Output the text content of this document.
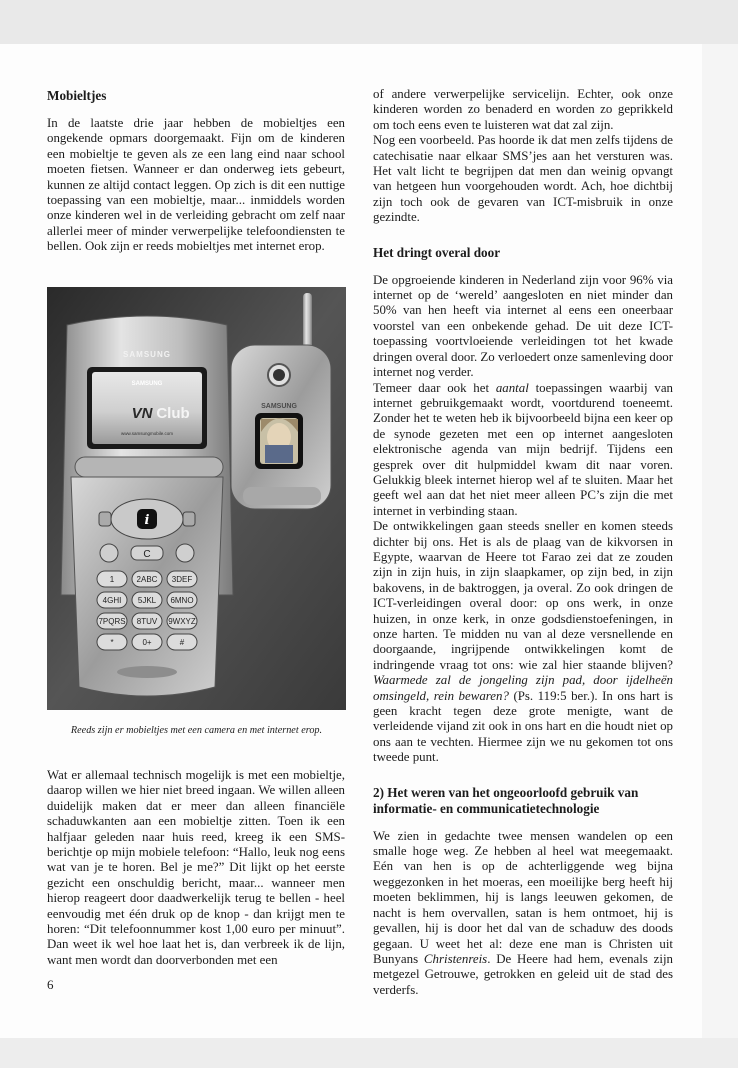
Mobieltjes

In de laatste drie jaar hebben de mobieltjes een ongekende opmars doorgemaakt. Fijn om de kinderen een mobieltje te geven als ze een lang eind naar school moeten fietsen. Wanneer er dan onderweg iets gebeurt, kunnen ze altijd contact leggen. Op zich is dit een nuttige toepassing van een mobieltje, maar... inmiddels worden onze kinderen wel in de verleiding gebracht om zelf naar allerlei meer of minder verwerpelijke telefoondiensten te bellen. Ook zijn er reeds mobieltjes met internet erop.

SAMSUNG
SAMSUNG
SAMSUNG
VN Club
www.samsungmobile.com
i
C
1	2ABC 3DEF
4GHI 5JKL 6MNO
7PQRS 8TUV 9WXYZ
*	0+	#
Reeds zijn er mobieltjes met een camera en met internet erop.

Wat er allemaal technisch mogelijk is met een mobieltje, daarop willen we hier niet breed ingaan. We willen alleen duidelijk maken dat er meer dan alleen financiële schaduwkanten aan een mobieltje zitten. Toen ik een halfjaar geleden naar huis reed, kreeg ik een SMS-berichtje op mijn mobiele telefoon: “Hallo, leuk nog eens wat van je te horen. Bel je me?” Dit lijkt op het eerste gezicht een onschuldig bericht, maar... wanneer men hierop reageert door daadwerkelijk terug te bellen - heel eenvoudig met één druk op de knop - dan krijgt men te horen: “Dit telefoonnummer kost 1,00 euro per minuut”. Dan weet ik wel hoe laat het is, dan verbreek ik de lijn, want men wordt dan doorverbonden met een

6

of andere verwerpelijke servicelijn. Echter, ook onze kinderen worden zo benaderd en worden zo geprikkeld om toch eens even te luisteren wat dat zal zijn.

Nog een voorbeeld. Pas hoorde ik dat men zelfs tijdens de catechisatie naar elkaar SMS’jes aan het versturen was. Het valt licht te begrijpen dat men dan weinig opvangt van hetgeen hun voorgehouden wordt. Ach, hoe dichtbij zijn toch ook de gevaren van ICT-misbruik in onze gezindte.

Het dringt overal door

De opgroeiende kinderen in Nederland zijn voor 96% via internet op de ‘wereld’ aangesloten en niet minder dan 50% van hen heeft via internet al eens een oneerbaar voorstel van een onbekende gehad. De uit deze ICT-toepassing voortvloeiende verleidingen tot het kwade dringen overal door. Zo verloedert onze samenleving door internet nog verder.

Temeer daar ook het aantal toepassingen waarbij van internet gebruikgemaakt wordt, voortdurend toeneemt. Zonder het te weten heb ik bijvoorbeeld bijna een keer op de synode gezeten met een op internet aangesloten elektronische agenda van mijn bedrijf. Tijdens een gesprek over dit hulpmiddel kwam dit naar voren. Gelukkig bleek internet hierop wel af te sluiten. Maar het geeft wel aan dat het niet meer alleen PC’s zijn die met internet in verbinding staan.

De ontwikkelingen gaan steeds sneller en komen steeds dichter bij ons. Het is als de plaag van de kikvorsen in Egypte, waarvan de Heere tot Farao zei dat ze zouden zijn in zijn huis, in zijn slaapkamer, op zijn bed, in zijn bakovens, in de baktroggen, ja overal. Zo ook dringen de ICT-verleidingen overal door: op ons werk, in onze huizen, in onze kerk, in onze godsdienstoefeningen, in onze harten. Te midden nu van al deze versnellende en doorgaande, ingrijpende ontwikkelingen komt de indringende vraag tot ons: wie zal hier staande blijven? Waarmede zal de jongeling zijn pad, door ijdelheën omsingeld, rein bewaren? (Ps. 119:5 ber.). In ons hart is geen kracht tegen deze grote menigte, want de verleidende vijand zit ook in ons hart en die houdt niet op ons aan te vechten. Hiermee zijn we nu gekomen tot ons tweede punt.

2) Het weren van het ongeoorloofd gebruik van informatie- en communicatietechnologie

We zien in gedachte twee mensen wandelen op een smalle hoge weg. Ze hebben al heel wat meegemaakt. Eén van hen is op de achterliggende weg bijna weggezonken in het moeras, een moeilijke berg heeft hij moeten beklimmen, hij is langs leeuwen gekomen, de nacht is hem overvallen, satan is hem ontmoet, hij is gevallen, hij is door het dal van de schaduw des doods gegaan. U weet het al: deze ene man is Christen uit Bunyans Christenreis. De Heere had hem, evenals zijn metgezel Getrouwe, getrokken en geleid uit de stad des verderfs.
